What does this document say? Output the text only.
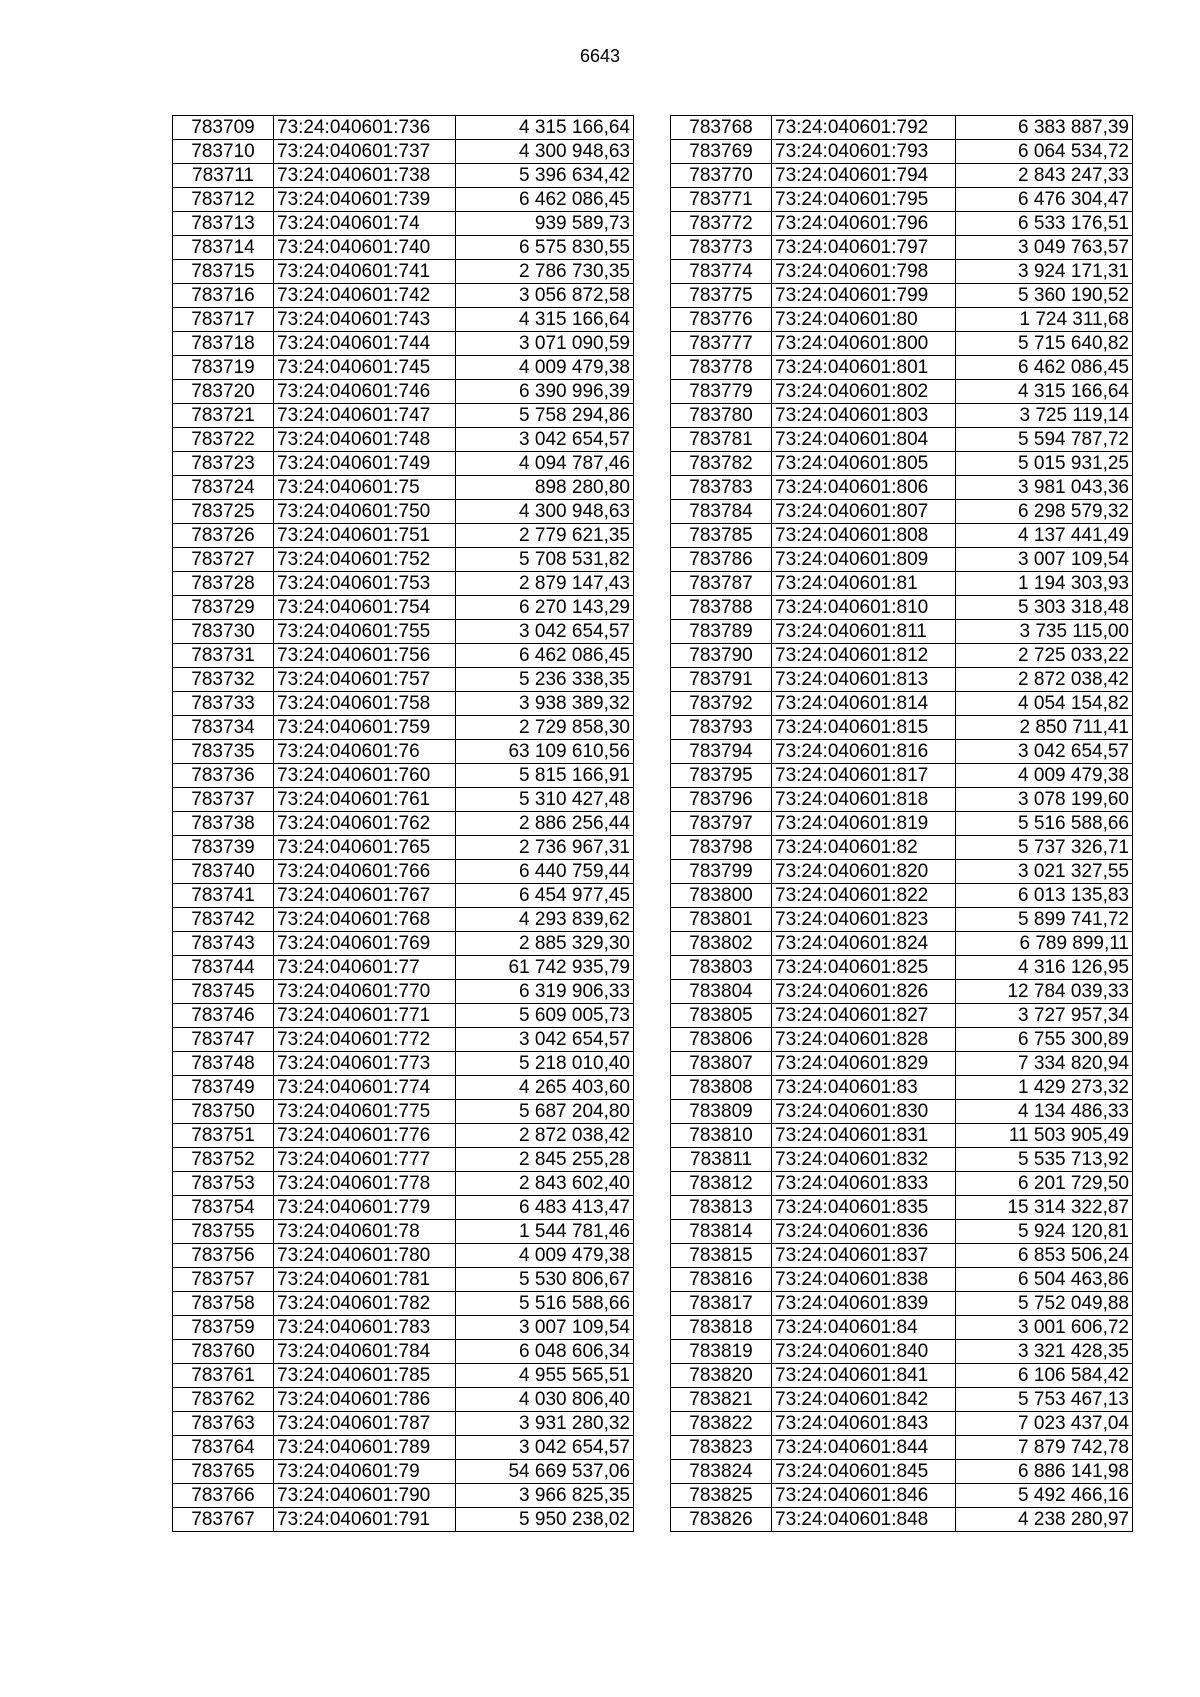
6643
783709	73:24:040601:736	4 315 166,64
783710	73:24:040601:737	4 300 948,63
783711	73:24:040601:738	5 396 634,42
783712	73:24:040601:739	6 462 086,45
783713	73:24:040601:74	939 589,73
783714	73:24:040601:740	6 575 830,55
783715	73:24:040601:741	2 786 730,35
783716	73:24:040601:742	3 056 872,58
783717	73:24:040601:743	4 315 166,64
783718	73:24:040601:744	3 071 090,59
783719	73:24:040601:745	4 009 479,38
783720	73:24:040601:746	6 390 996,39
783721	73:24:040601:747	5 758 294,86
783722	73:24:040601:748	3 042 654,57
783723	73:24:040601:749	4 094 787,46
783724	73:24:040601:75	898 280,80
783725	73:24:040601:750	4 300 948,63
783726	73:24:040601:751	2 779 621,35
783727	73:24:040601:752	5 708 531,82
783728	73:24:040601:753	2 879 147,43
783729	73:24:040601:754	6 270 143,29
783730	73:24:040601:755	3 042 654,57
783731	73:24:040601:756	6 462 086,45
783732	73:24:040601:757	5 236 338,35
783733	73:24:040601:758	3 938 389,32
783734	73:24:040601:759	2 729 858,30
783735	73:24:040601:76	63 109 610,56
783736	73:24:040601:760	5 815 166,91
783737	73:24:040601:761	5 310 427,48
783738	73:24:040601:762	2 886 256,44
783739	73:24:040601:765	2 736 967,31
783740	73:24:040601:766	6 440 759,44
783741	73:24:040601:767	6 454 977,45
783742	73:24:040601:768	4 293 839,62
783743	73:24:040601:769	2 885 329,30
783744	73:24:040601:77	61 742 935,79
783745	73:24:040601:770	6 319 906,33
783746	73:24:040601:771	5 609 005,73
783747	73:24:040601:772	3 042 654,57
783748	73:24:040601:773	5 218 010,40
783749	73:24:040601:774	4 265 403,60
783750	73:24:040601:775	5 687 204,80
783751	73:24:040601:776	2 872 038,42
783752	73:24:040601:777	2 845 255,28
783753	73:24:040601:778	2 843 602,40
783754	73:24:040601:779	6 483 413,47
783755	73:24:040601:78	1 544 781,46
783756	73:24:040601:780	4 009 479,38
783757	73:24:040601:781	5 530 806,67
783758	73:24:040601:782	5 516 588,66
783759	73:24:040601:783	3 007 109,54
783760	73:24:040601:784	6 048 606,34
783761	73:24:040601:785	4 955 565,51
783762	73:24:040601:786	4 030 806,40
783763	73:24:040601:787	3 931 280,32
783764	73:24:040601:789	3 042 654,57
783765	73:24:040601:79	54 669 537,06
783766	73:24:040601:790	3 966 825,35
783767	73:24:040601:791	5 950 238,02
783768	73:24:040601:792	6 383 887,39
783769	73:24:040601:793	6 064 534,72
783770	73:24:040601:794	2 843 247,33
783771	73:24:040601:795	6 476 304,47
783772	73:24:040601:796	6 533 176,51
783773	73:24:040601:797	3 049 763,57
783774	73:24:040601:798	3 924 171,31
783775	73:24:040601:799	5 360 190,52
783776	73:24:040601:80	1 724 311,68
783777	73:24:040601:800	5 715 640,82
783778	73:24:040601:801	6 462 086,45
783779	73:24:040601:802	4 315 166,64
783780	73:24:040601:803	3 725 119,14
783781	73:24:040601:804	5 594 787,72
783782	73:24:040601:805	5 015 931,25
783783	73:24:040601:806	3 981 043,36
783784	73:24:040601:807	6 298 579,32
783785	73:24:040601:808	4 137 441,49
783786	73:24:040601:809	3 007 109,54
783787	73:24:040601:81	1 194 303,93
783788	73:24:040601:810	5 303 318,48
783789	73:24:040601:811	3 735 115,00
783790	73:24:040601:812	2 725 033,22
783791	73:24:040601:813	2 872 038,42
783792	73:24:040601:814	4 054 154,82
783793	73:24:040601:815	2 850 711,41
783794	73:24:040601:816	3 042 654,57
783795	73:24:040601:817	4 009 479,38
783796	73:24:040601:818	3 078 199,60
783797	73:24:040601:819	5 516 588,66
783798	73:24:040601:82	5 737 326,71
783799	73:24:040601:820	3 021 327,55
783800	73:24:040601:822	6 013 135,83
783801	73:24:040601:823	5 899 741,72
783802	73:24:040601:824	6 789 899,11
783803	73:24:040601:825	4 316 126,95
783804	73:24:040601:826	12 784 039,33
783805	73:24:040601:827	3 727 957,34
783806	73:24:040601:828	6 755 300,89
783807	73:24:040601:829	7 334 820,94
783808	73:24:040601:83	1 429 273,32
783809	73:24:040601:830	4 134 486,33
783810	73:24:040601:831	11 503 905,49
783811	73:24:040601:832	5 535 713,92
783812	73:24:040601:833	6 201 729,50
783813	73:24:040601:835	15 314 322,87
783814	73:24:040601:836	5 924 120,81
783815	73:24:040601:837	6 853 506,24
783816	73:24:040601:838	6 504 463,86
783817	73:24:040601:839	5 752 049,88
783818	73:24:040601:84	3 001 606,72
783819	73:24:040601:840	3 321 428,35
783820	73:24:040601:841	6 106 584,42
783821	73:24:040601:842	5 753 467,13
783822	73:24:040601:843	7 023 437,04
783823	73:24:040601:844	7 879 742,78
783824	73:24:040601:845	6 886 141,98
783825	73:24:040601:846	5 492 466,16
783826	73:24:040601:848	4 238 280,97
